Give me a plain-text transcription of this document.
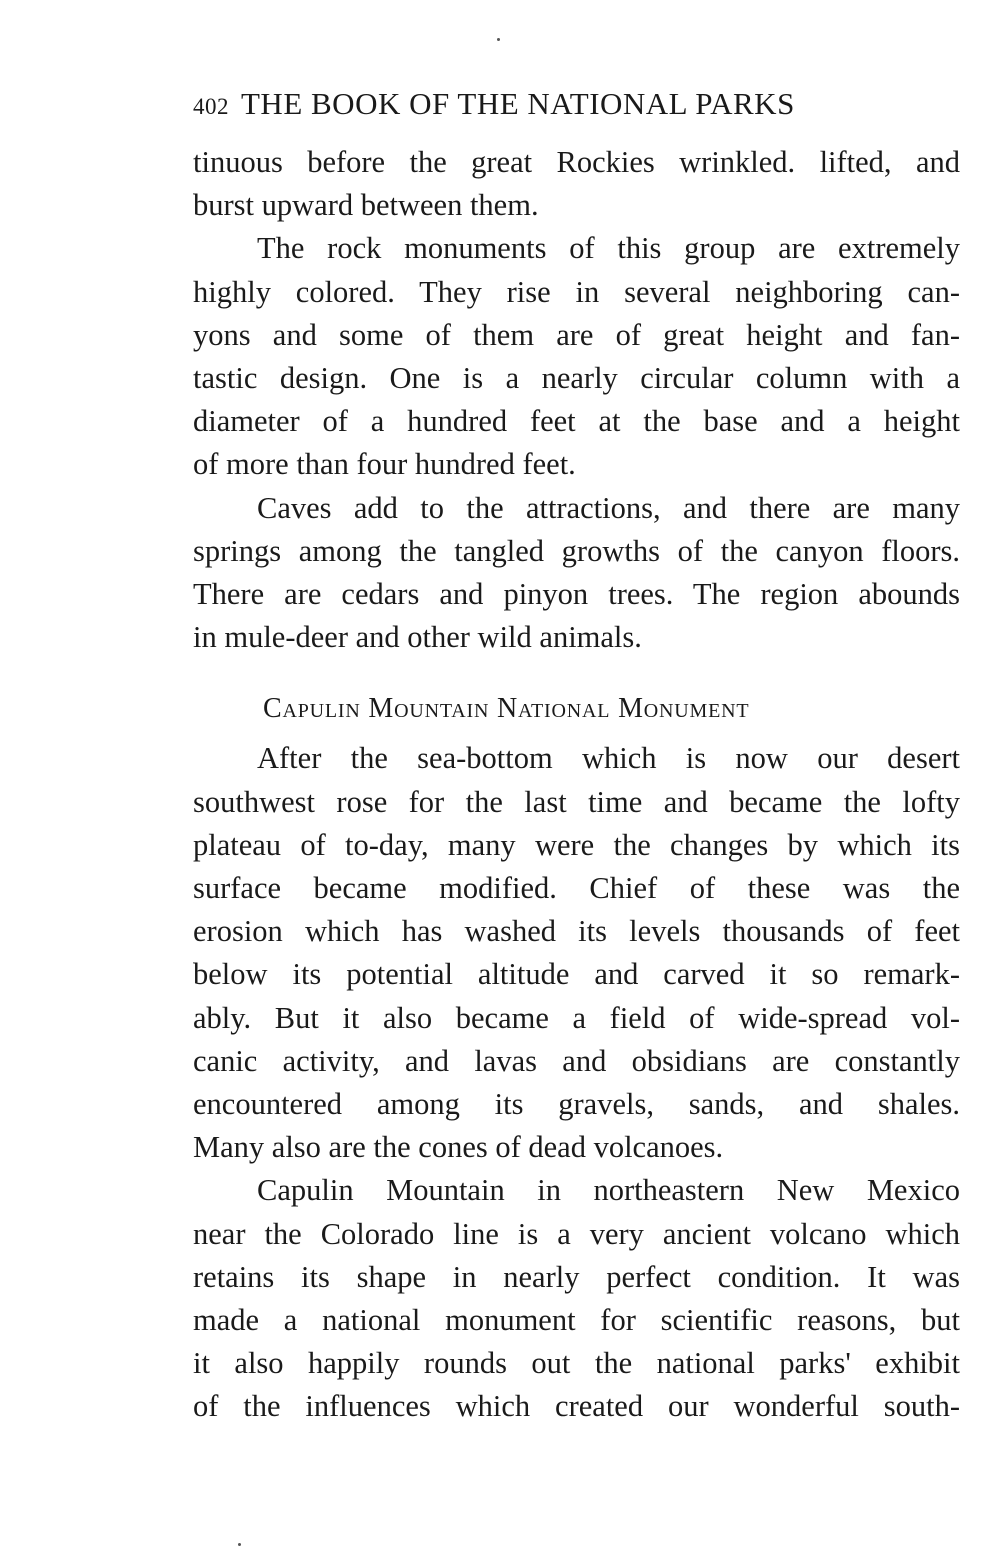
402 THE BOOK OF THE NATIONAL PARKS

tinuous before the great Rockies wrinkled. lifted, and
burst upward between them.

The rock monuments of this group are extremely
highly colored. They rise in several neighboring can-
yons and some of them are of great height and fan-
tastic design. One is a nearly circular column with a
diameter of a hundred feet at the base and a height
of more than four hundred feet.

Caves add to the attractions, and there are many
springs among the tangled growths of the canyon floors.
There are cedars and pinyon trees. The region abounds
in mule-deer and other wild animals.

Capulin Mountain National Monument

After the sea-bottom which is now our desert
southwest rose for the last time and became the lofty
plateau of to-day, many were the changes by which its
surface became modified. Chief of these was the
erosion which has washed its levels thousands of feet
below its potential altitude and carved it so remark-
ably. But it also became a field of wide-spread vol-
canic activity, and lavas and obsidians are constantly
encountered among its gravels, sands, and shales.
Many also are the cones of dead volcanoes.

Capulin Mountain in northeastern New Mexico
near the Colorado line is a very ancient volcano which
retains its shape in nearly perfect condition. It was
made a national monument for scientific reasons, but
it also happily rounds out the national parks' exhibit
of the influences which created our wonderful south-
